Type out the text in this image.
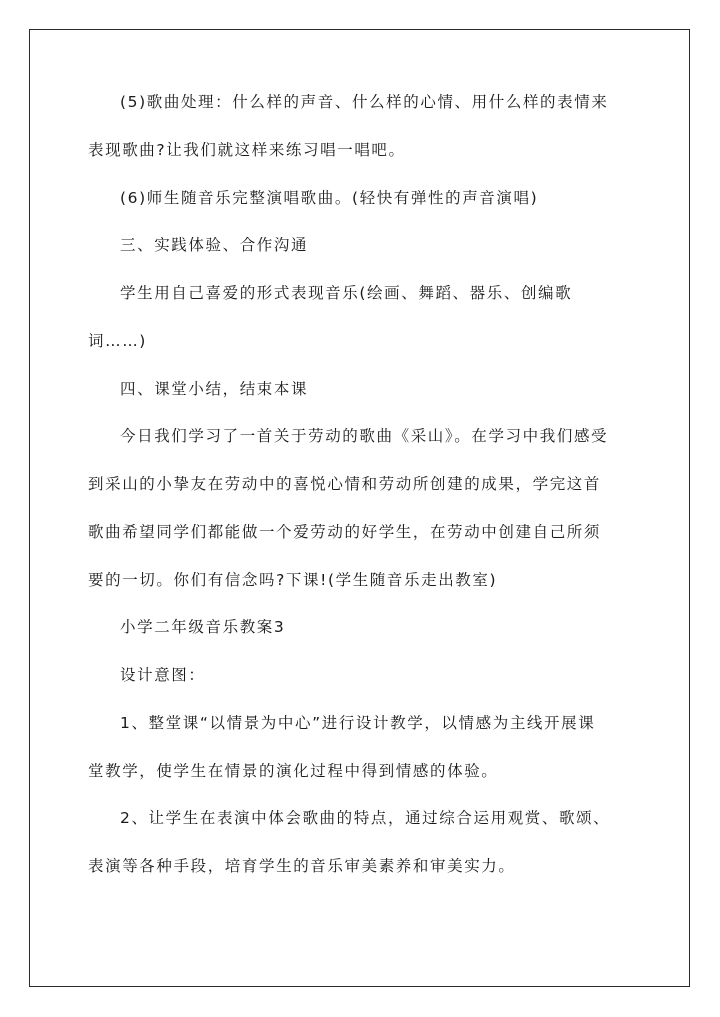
(5)歌曲处理：什么样的声音、什么样的心情、用什么样的表情来
表现歌曲?让我们就这样来练习唱一唱吧。
(6)师生随音乐完整演唱歌曲。(轻快有弹性的声音演唱)
三、实践体验、合作沟通
学生用自己喜爱的形式表现音乐(绘画、舞蹈、器乐、创编歌
词……)
四、课堂小结，结束本课
今日我们学习了一首关于劳动的歌曲《采山》。在学习中我们感受
到采山的小挚友在劳动中的喜悦心情和劳动所创建的成果，学完这首
歌曲希望同学们都能做一个爱劳动的好学生，在劳动中创建自己所须
要的一切。你们有信念吗?下课!(学生随音乐走出教室)
小学二年级音乐教案3
设计意图：
1、整堂课“以情景为中心”进行设计教学，以情感为主线开展课
堂教学，使学生在情景的演化过程中得到情感的体验。
2、让学生在表演中体会歌曲的特点，通过综合运用观赏、歌颂、
表演等各种手段，培育学生的音乐审美素养和审美实力。
